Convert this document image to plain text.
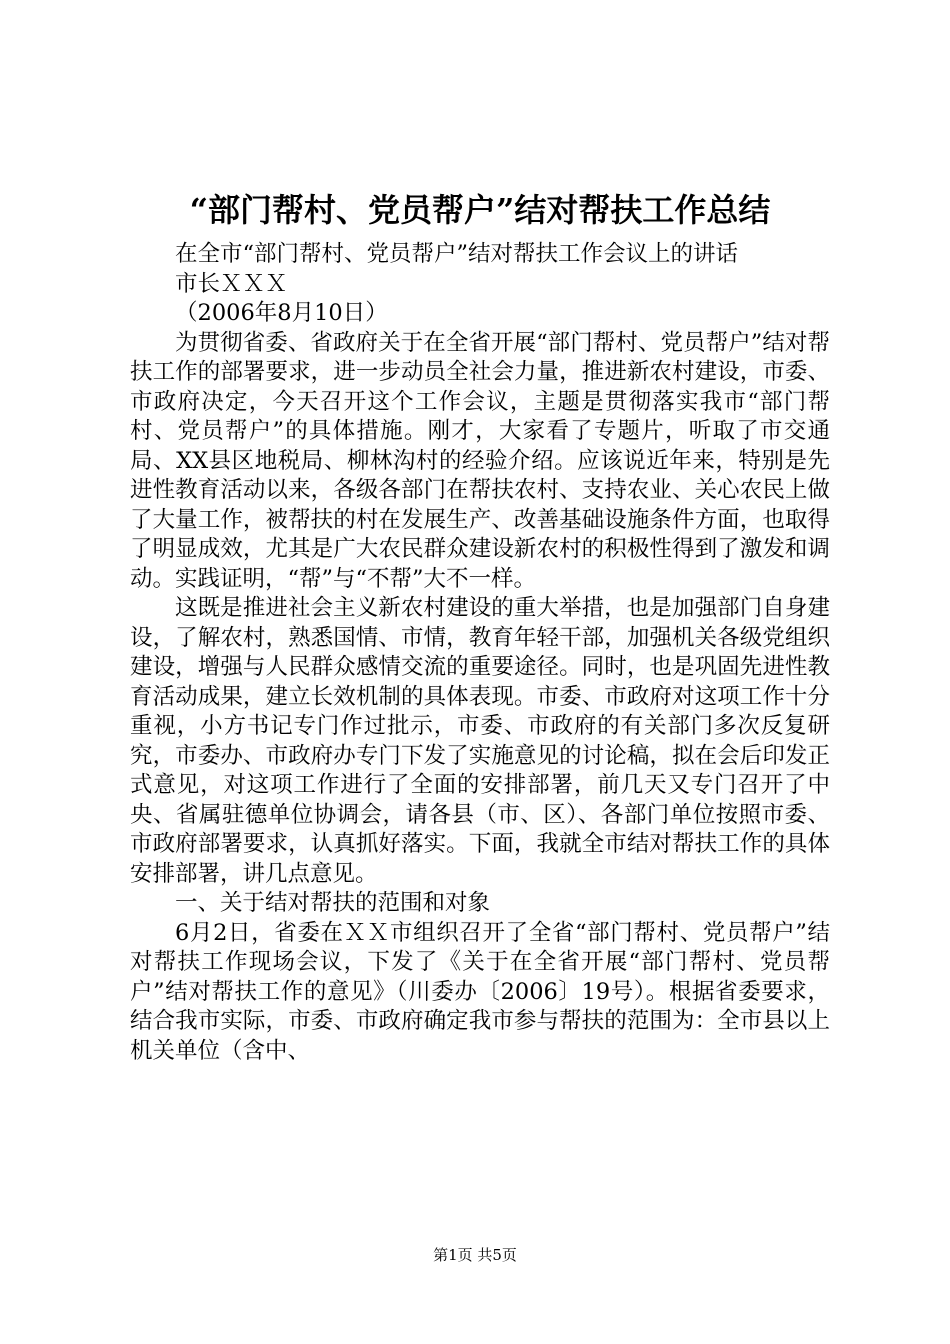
“部门帮村、党员帮户”结对帮扶工作总结

在全市“部门帮村、党员帮户”结对帮扶工作会议上的讲话

市长ＸＸＸ

（2006年8月10日）

为贯彻省委、省政府关于在全省开展“部门帮村、党员帮户”结对帮扶工作的部署要求，进一步动员全社会力量，推进新农村建设，市委、市政府决定，今天召开这个工作会议，主题是贯彻落实我市“部门帮村、党员帮户”的具体措施。刚才，大家看了专题片，听取了市交通局、XX县区地税局、柳林沟村的经验介绍。应该说近年来，特别是先进性教育活动以来，各级各部门在帮扶农村、支持农业、关心农民上做了大量工作，被帮扶的村在发展生产、改善基础设施条件方面，也取得了明显成效，尤其是广大农民群众建设新农村的积极性得到了激发和调动。实践证明，“帮”与“不帮”大不一样。

这既是推进社会主义新农村建设的重大举措，也是加强部门自身建设，了解农村，熟悉国情、市情，教育年轻干部，加强机关各级党组织建设，增强与人民群众感情交流的重要途径。同时，也是巩固先进性教育活动成果，建立长效机制的具体表现。市委、市政府对这项工作十分重视，小方书记专门作过批示，市委、市政府的有关部门多次反复研究，市委办、市政府办专门下发了实施意见的讨论稿，拟在会后印发正式意见，对这项工作进行了全面的安排部署，前几天又专门召开了中央、省属驻德单位协调会，请各县（市、区）、各部门单位按照市委、市政府部署要求，认真抓好落实。下面，我就全市结对帮扶工作的具体安排部署，讲几点意见。

一、关于结对帮扶的范围和对象

6月2日，省委在ＸＸ市组织召开了全省“部门帮村、党员帮户”结对帮扶工作现场会议，下发了《关于在全省开展“部门帮村、党员帮户”结对帮扶工作的意见》（川委办〔2006〕19号）。根据省委要求，结合我市实际，市委、市政府确定我市参与帮扶的范围为：全市县以上机关单位（含中、

第1页 共5页
